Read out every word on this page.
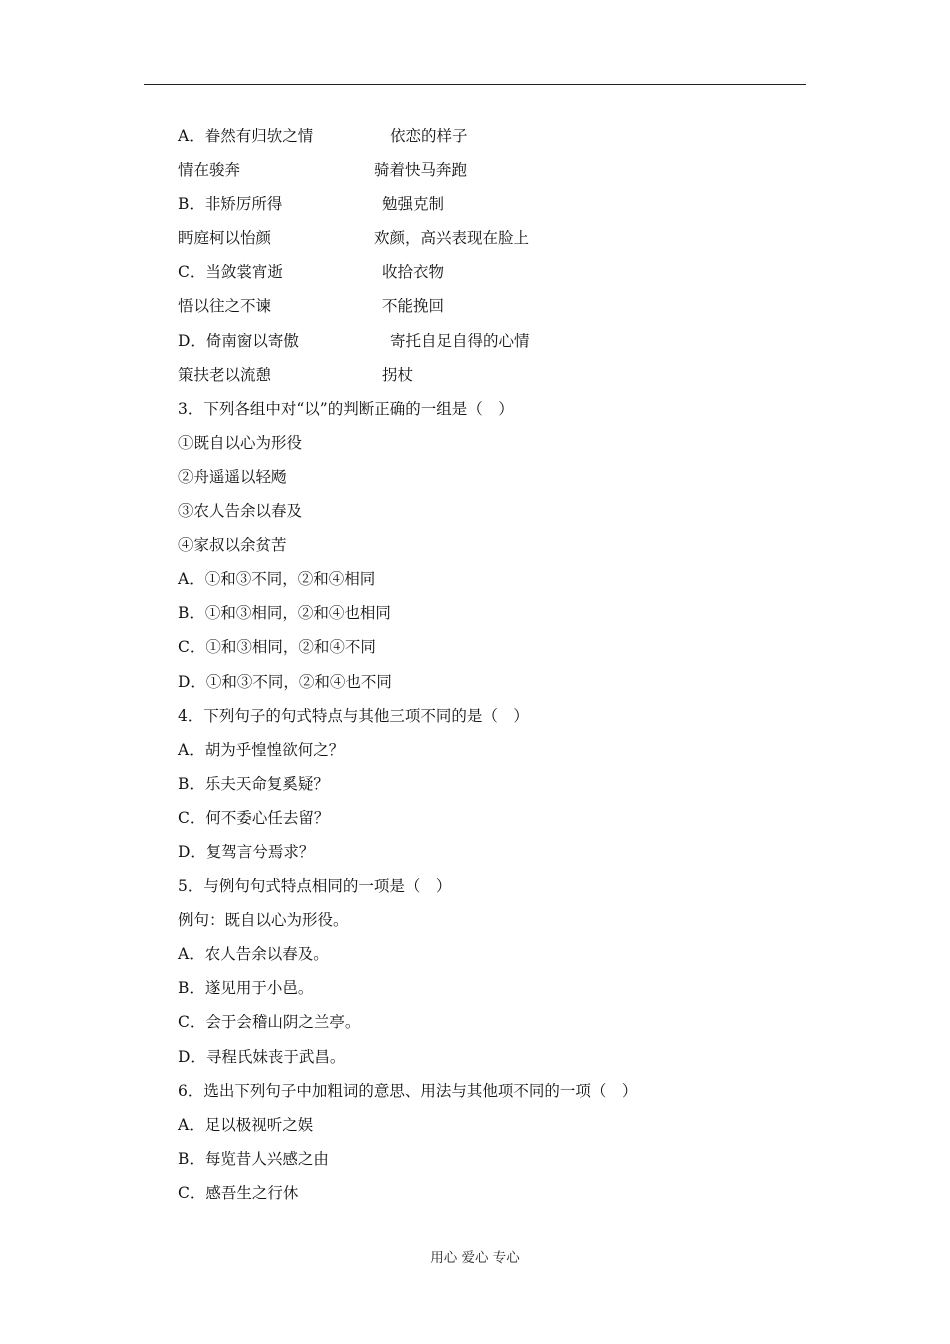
A．眷然有归欤之情	依恋的样子
情在骏奔	骑着快马奔跑
B．非矫厉所得	勉强克制
眄庭柯以怡颜	欢颜，高兴表现在脸上
C．当敛裳宵逝	收拾衣物
悟以往之不谏	不能挽回
D．倚南窗以寄傲	寄托自足自得的心情
策扶老以流憩	拐杖
3．下列各组中对“以”的判断正确的一组是（　）
①既自以心为形役
②舟遥遥以轻飏
③农人告余以春及
④家叔以余贫苦
A．①和③不同，②和④相同
B．①和③相同，②和④也相同
C．①和③相同，②和④不同
D．①和③不同，②和④也不同
4．下列句子的句式特点与其他三项不同的是（　）
A．胡为乎惶惶欲何之？
B．乐夫天命复奚疑？
C．何不委心任去留？
D．复驾言兮焉求？
5．与例句句式特点相同的一项是（　）
例句：既自以心为形役。
A．农人告余以春及。
B．遂见用于小邑。
C．会于会稽山阴之兰亭。
D．寻程氏妹丧于武昌。
6．选出下列句子中加粗词的意思、用法与其他项不同的一项（　）
A．足以极视听之娱
B．每览昔人兴感之由
C．感吾生之行休
用心 爱心 专心
